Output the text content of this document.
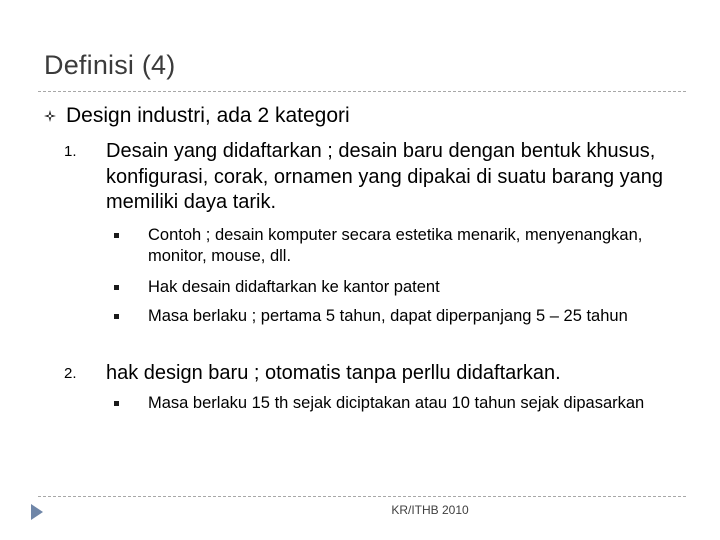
Definisi (4)
Design industri, ada 2 kategori
1. Desain yang didaftarkan ; desain baru dengan bentuk khusus, konfigurasi, corak, ornamen yang dipakai di suatu barang yang memiliki daya tarik.
Contoh ; desain komputer secara estetika menarik, menyenangkan, monitor, mouse, dll.
Hak desain didaftarkan ke kantor patent
Masa berlaku ; pertama 5 tahun, dapat diperpanjang 5 – 25 tahun
2. hak design baru ; otomatis tanpa perllu didaftarkan.
Masa berlaku 15 th sejak diciptakan atau 10 tahun sejak dipasarkan
KR/ITHB 2010
